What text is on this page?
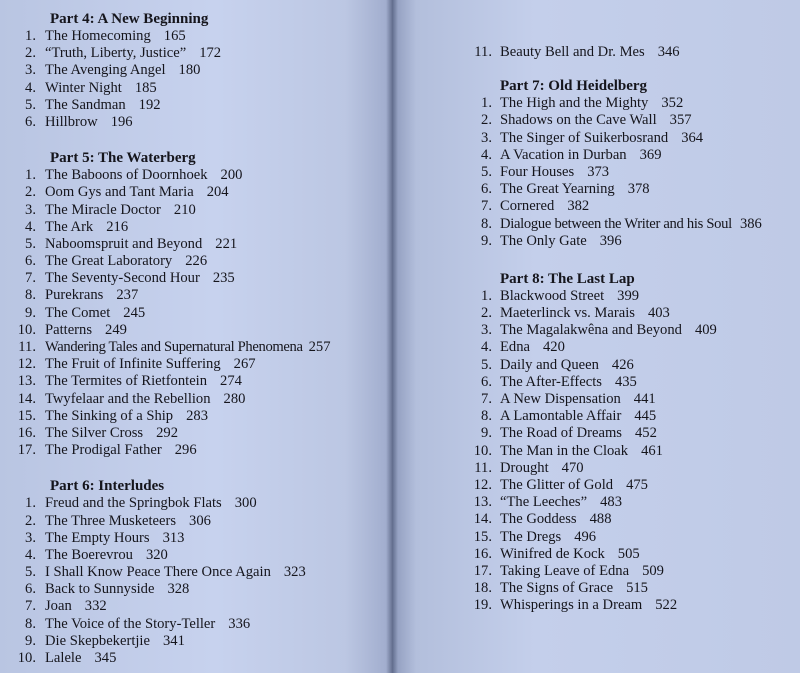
Part 4: A New Beginning
1. The Homecoming 165
2. “Truth, Liberty, Justice” 172
3. The Avenging Angel 180
4. Winter Night 185
5. The Sandman 192
6. Hillbrow 196
Part 5: The Waterberg
1. The Baboons of Doornhoek 200
2. Oom Gys and Tant Maria 204
3. The Miracle Doctor 210
4. The Ark 216
5. Naboomspruit and Beyond 221
6. The Great Laboratory 226
7. The Seventy-Second Hour 235
8. Purekrans 237
9. The Comet 245
10. Patterns 249
11. Wandering Tales and Supernatural Phenomena 257
12. The Fruit of Infinite Suffering 267
13. The Termites of Rietfontein 274
14. Twyfelaar and the Rebellion 280
15. The Sinking of a Ship 283
16. The Silver Cross 292
17. The Prodigal Father 296
Part 6: Interludes
1. Freud and the Springbok Flats 300
2. The Three Musketeers 306
3. The Empty Hours 313
4. The Boerevrou 320
5. I Shall Know Peace There Once Again 323
6. Back to Sunnyside 328
7. Joan 332
8. The Voice of the Story-Teller 336
9. Die Skepbekertjie 341
10. Lalele 345
11. Beauty Bell and Dr. Mes 346
Part 7: Old Heidelberg
1. The High and the Mighty 352
2. Shadows on the Cave Wall 357
3. The Singer of Suikerbosrand 364
4. A Vacation in Durban 369
5. Four Houses 373
6. The Great Yearning 378
7. Cornered 382
8. Dialogue between the Writer and his Soul 386
9. The Only Gate 396
Part 8: The Last Lap
1. Blackwood Street 399
2. Maeterlinck vs. Marais 403
3. The Magalakwêna and Beyond 409
4. Edna 420
5. Daily and Queen 426
6. The After-Effects 435
7. A New Dispensation 441
8. A Lamontable Affair 445
9. The Road of Dreams 452
10. The Man in the Cloak 461
11. Drought 470
12. The Glitter of Gold 475
13. “The Leeches” 483
14. The Goddess 488
15. The Dregs 496
16. Winifred de Kock 505
17. Taking Leave of Edna 509
18. The Signs of Grace 515
19. Whisperings in a Dream 522
